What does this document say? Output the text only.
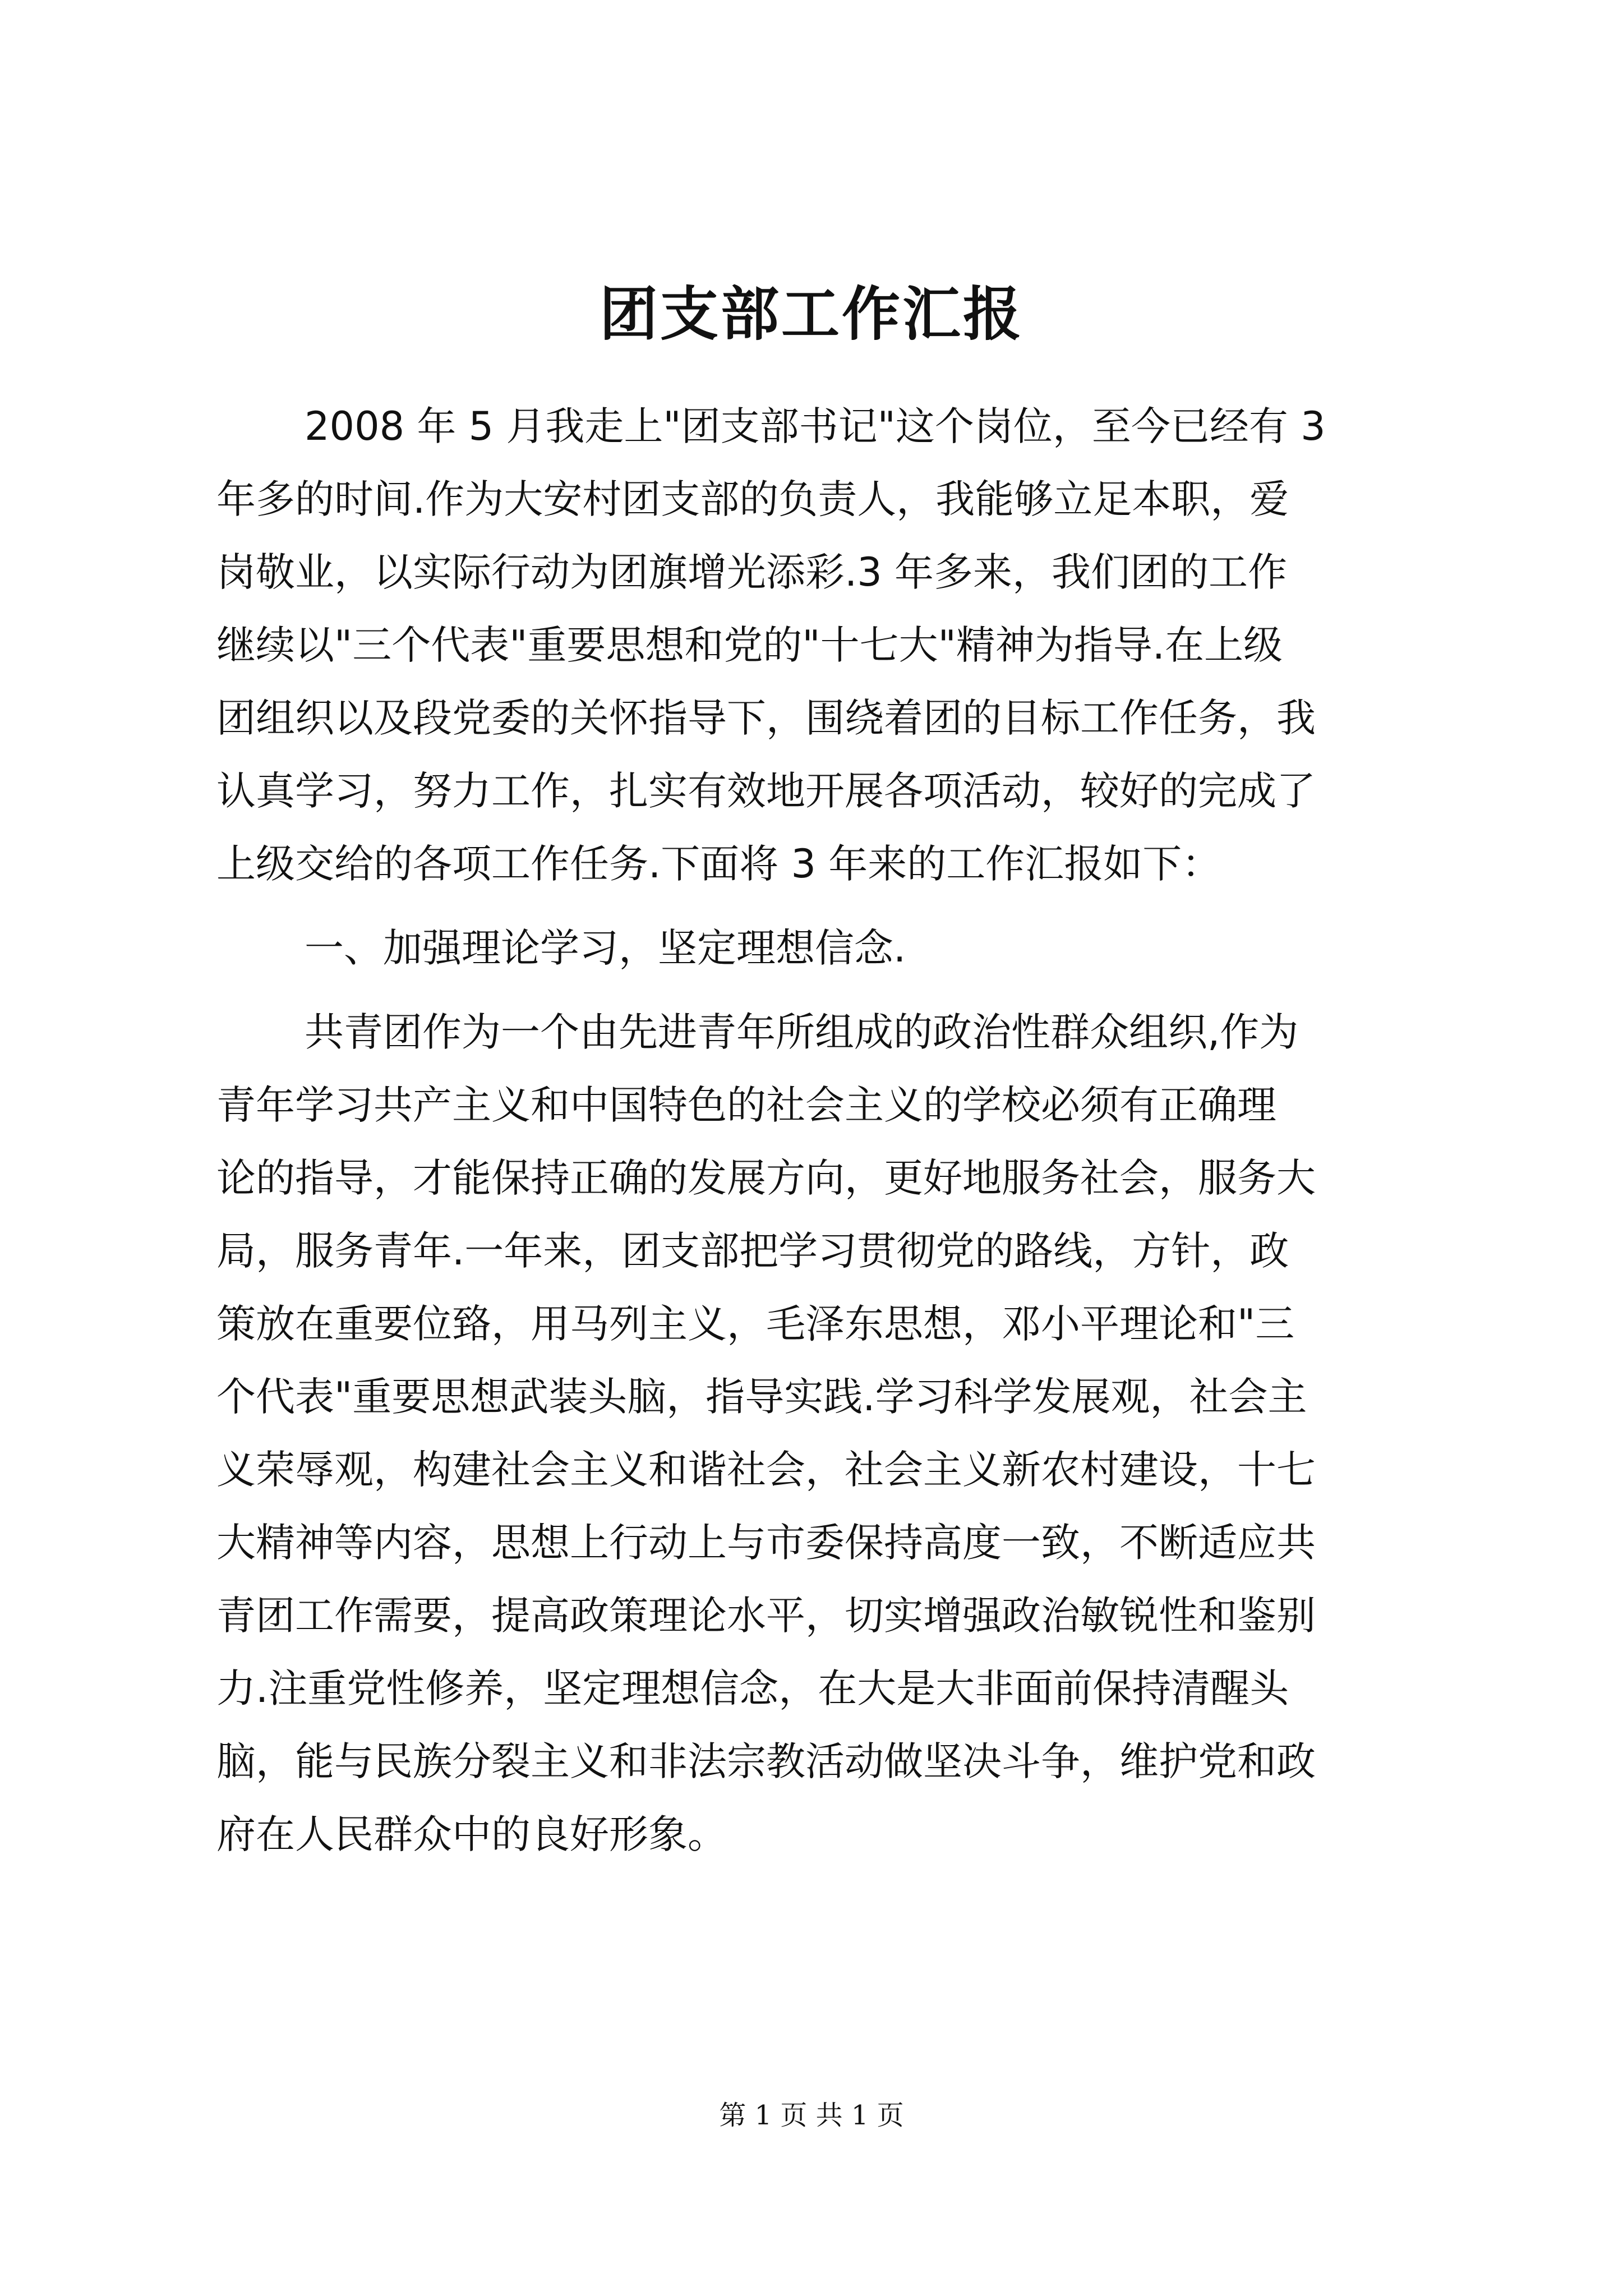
团支部工作汇报
2008 年 5 月我走上"团支部书记"这个岗位，至今已经有 3
年多的时间.作为大安村团支部的负责人，我能够立足本职，爱
岗敬业，以实际行动为团旗增光添彩.3 年多来，我们团的工作
继续以"三个代表"重要思想和党的"十七大"精神为指导.在上级
团组织以及段党委的关怀指导下，围绕着团的目标工作任务，我
认真学习，努力工作，扎实有效地开展各项活动，较好的完成了
上级交给的各项工作任务.下面将 3 年来的工作汇报如下：
一、加强理论学习，坚定理想信念.
共青团作为一个由先进青年所组成的政治性群众组织,作为
青年学习共产主义和中国特色的社会主义的学校必须有正确理
论的指导，才能保持正确的发展方向，更好地服务社会，服务大
局，服务青年.一年来，团支部把学习贯彻党的路线，方针，政
策放在重要位臵，用马列主义，毛泽东思想，邓小平理论和"三
个代表"重要思想武装头脑，指导实践.学习科学发展观，社会主
义荣辱观，构建社会主义和谐社会，社会主义新农村建设，十七
大精神等内容，思想上行动上与市委保持高度一致，不断适应共
青团工作需要，提高政策理论水平，切实增强政治敏锐性和鉴别
力.注重党性修养，坚定理想信念，在大是大非面前保持清醒头
脑，能与民族分裂主义和非法宗教活动做坚决斗争，维护党和政
府在人民群众中的良好形象。
第 1 页 共 1 页
